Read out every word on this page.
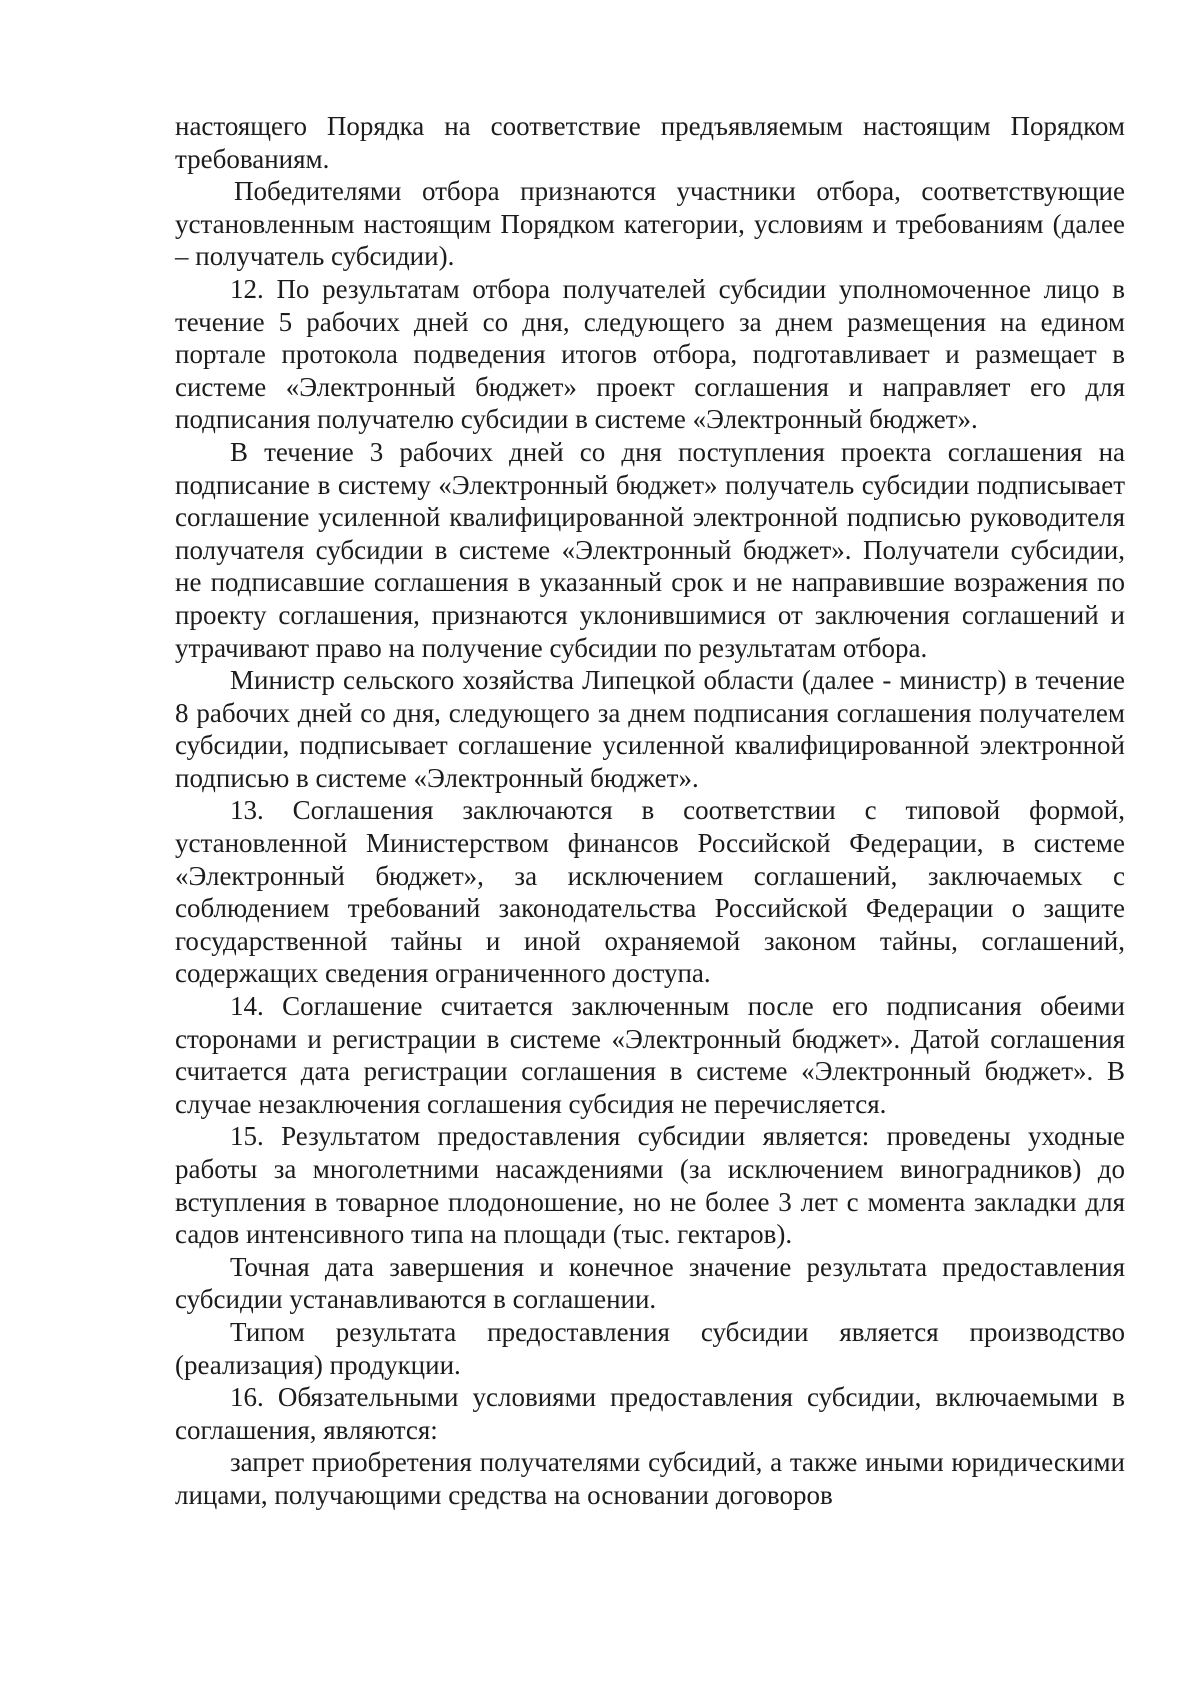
настоящего Порядка на соответствие предъявляемым настоящим Порядком требованиям.

Победителями отбора признаются участники отбора, соответствующие установленным настоящим Порядком категории, условиям и требованиям (далее – получатель субсидии).

12. По результатам отбора получателей субсидии уполномоченное лицо в течение 5 рабочих дней со дня, следующего за днем размещения на едином портале протокола подведения итогов отбора, подготавливает и размещает в системе «Электронный бюджет» проект соглашения и направляет его для подписания получателю субсидии в системе «Электронный бюджет».

В течение 3 рабочих дней со дня поступления проекта соглашения на подписание в систему «Электронный бюджет» получатель субсидии подписывает соглашение усиленной квалифицированной электронной подписью руководителя получателя субсидии в системе «Электронный бюджет». Получатели субсидии, не подписавшие соглашения в указанный срок и не направившие возражения по проекту соглашения, признаются уклонившимися от заключения соглашений и утрачивают право на получение субсидии по результатам отбора.

Министр сельского хозяйства Липецкой области (далее - министр) в течение 8 рабочих дней со дня, следующего за днем подписания соглашения получателем субсидии, подписывает соглашение усиленной квалифицированной электронной подписью в системе «Электронный бюджет».

13. Соглашения заключаются в соответствии с типовой формой, установленной Министерством финансов Российской Федерации, в системе «Электронный бюджет», за исключением соглашений, заключаемых с соблюдением требований законодательства Российской Федерации о защите государственной тайны и иной охраняемой законом тайны, соглашений, содержащих сведения ограниченного доступа.

14. Соглашение считается заключенным после его подписания обеими сторонами и регистрации в системе «Электронный бюджет». Датой соглашения считается дата регистрации соглашения в системе «Электронный бюджет». В случае незаключения соглашения субсидия не перечисляется.

15. Результатом предоставления субсидии является: проведены уходные работы за многолетними насаждениями (за исключением виноградников) до вступления в товарное плодоношение, но не более 3 лет с момента закладки для садов интенсивного типа на площади (тыс. гектаров).

Точная дата завершения и конечное значение результата предоставления субсидии устанавливаются в соглашении.

Типом результата предоставления субсидии является производство (реализация) продукции.

16. Обязательными условиями предоставления субсидии, включаемыми в соглашения, являются:

запрет приобретения получателями субсидий, а также иными юридическими лицами, получающими средства на основании договоров
